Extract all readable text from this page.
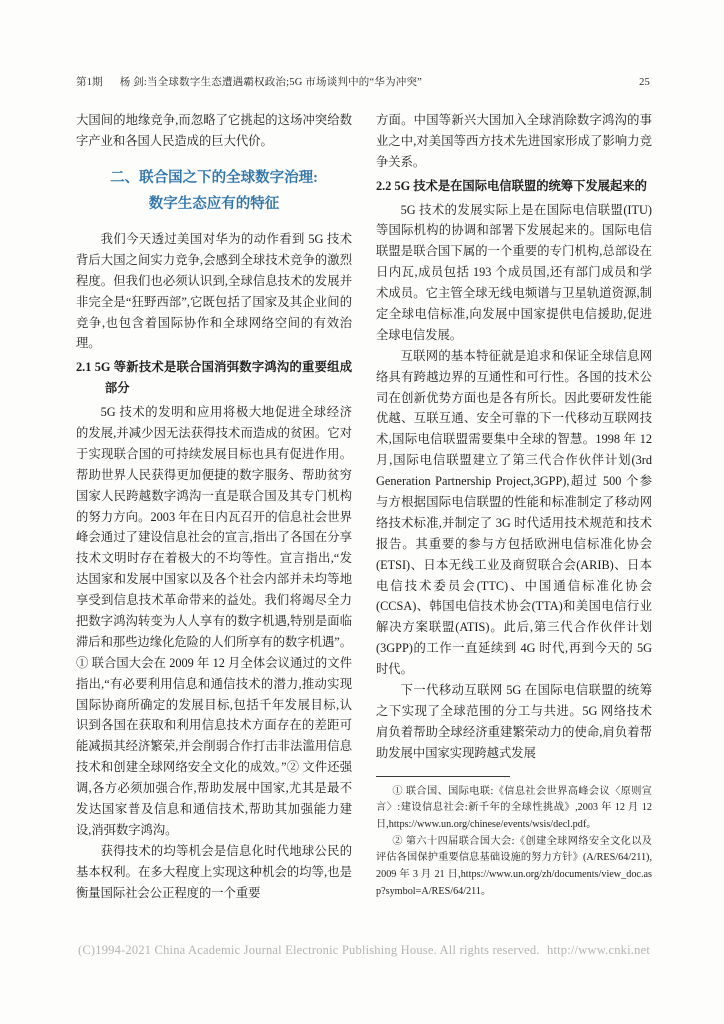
第1期 杨 剑:当全球数字生态遭遇霸权政治;5G 市场谈判中的“华为冲突”	25

大国间的地缘竞争,而忽略了它挑起的这场冲突给数字产业和各国人民造成的巨大代价。

二、联合国之下的全球数字治理:
数字生态应有的特征

我们今天透过美国对华为的动作看到 5G 技术背后大国之间实力竞争,会感到全球技术竞争的激烈程度。但我们也必须认识到,全球信息技术的发展并非完全是“狂野西部”,它既包括了国家及其企业间的竞争,也包含着国际协作和全球网络空间的有效治理。

2.1 5G 等新技术是联合国消弭数字鸿沟的重要组成部分

5G 技术的发明和应用将极大地促进全球经济的发展,并减少因无法获得技术而造成的贫困。它对于实现联合国的可持续发展目标也具有促进作用。帮助世界人民获得更加便捷的数字服务、帮助贫穷国家人民跨越数字鸿沟一直是联合国及其专门机构的努力方向。2003 年在日内瓦召开的信息社会世界峰会通过了建设信息社会的宣言,指出了各国在分享技术文明时存在着极大的不均等性。宣言指出,“发达国家和发展中国家以及各个社会内部并未均等地享受到信息技术革命带来的益处。我们将竭尽全力把数字鸿沟转变为人人享有的数字机遇,特别是面临滞后和那些边缘化危险的人们所享有的数字机遇”。① 联合国大会在 2009 年 12 月全体会议通过的文件指出,“有必要利用信息和通信技术的潜力,推动实现国际协商所确定的发展目标,包括千年发展目标,认识到各国在获取和利用信息技术方面存在的差距可能减损其经济繁荣,并会削弱合作打击非法滥用信息技术和创建全球网络安全文化的成效。”② 文件还强调,各方必须加强合作,帮助发展中国家,尤其是最不发达国家普及信息和通信技术,帮助其加强能力建设,消弭数字鸿沟。

获得技术的均等机会是信息化时代地球公民的基本权利。在多大程度上实现这种机会的均等,也是衡量国际社会公正程度的一个重要

方面。中国等新兴大国加入全球消除数字鸿沟的事业之中,对美国等西方技术先进国家形成了影响力竞争关系。

2.2 5G 技术是在国际电信联盟的统筹下发展起来的

5G 技术的发展实际上是在国际电信联盟(ITU)等国际机构的协调和部署下发展起来的。国际电信联盟是联合国下属的一个重要的专门机构,总部设在日内瓦,成员包括 193 个成员国,还有部门成员和学术成员。它主管全球无线电频谱与卫星轨道资源,制定全球电信标准,向发展中国家提供电信援助,促进全球电信发展。

互联网的基本特征就是追求和保证全球信息网络具有跨越边界的互通性和可行性。各国的技术公司在创新优势方面也是各有所长。因此要研发性能优越、互联互通、安全可靠的下一代移动互联网技术,国际电信联盟需要集中全球的智慧。1998 年 12 月,国际电信联盟建立了第三代合作伙伴计划(3rd Generation Partnership Project,3GPP),超过 500 个参与方根据国际电信联盟的性能和标准制定了移动网络技术标准,并制定了 3G 时代适用技术规范和技术报告。其重要的参与方包括欧洲电信标准化协会(ETSI)、日本无线工业及商贸联合会(ARIB)、日本电信技术委员会(TTC)、中国通信标准化协会(CCSA)、韩国电信技术协会(TTA)和美国电信行业解决方案联盟(ATIS)。此后,第三代合作伙伴计划(3GPP)的工作一直延续到 4G 时代,再到今天的 5G 时代。

下一代移动互联网 5G 在国际电信联盟的统筹之下实现了全球范围的分工与共进。5G 网络技术肩负着帮助全球经济重建繁荣动力的使命,肩负着帮助发展中国家实现跨越式发展

① 联合国、国际电联:《信息社会世界高峰会议〈原则宣言〉:建设信息社会:新千年的全球性挑战》,2003 年 12 月 12 日,https://www.un.org/chinese/events/wsis/decl.pdf。

② 第六十四届联合国大会:《创建全球网络安全文化以及评估各国保护重要信息基础设施的努力方针》(A/RES/64/211),2009 年 3 月 21 日,https://www.un.org/zh/documents/view_doc.asp?symbol=A/RES/64/211。

(C)1994-2021 China Academic Journal Electronic Publishing House. All rights reserved. http://www.cnki.net
